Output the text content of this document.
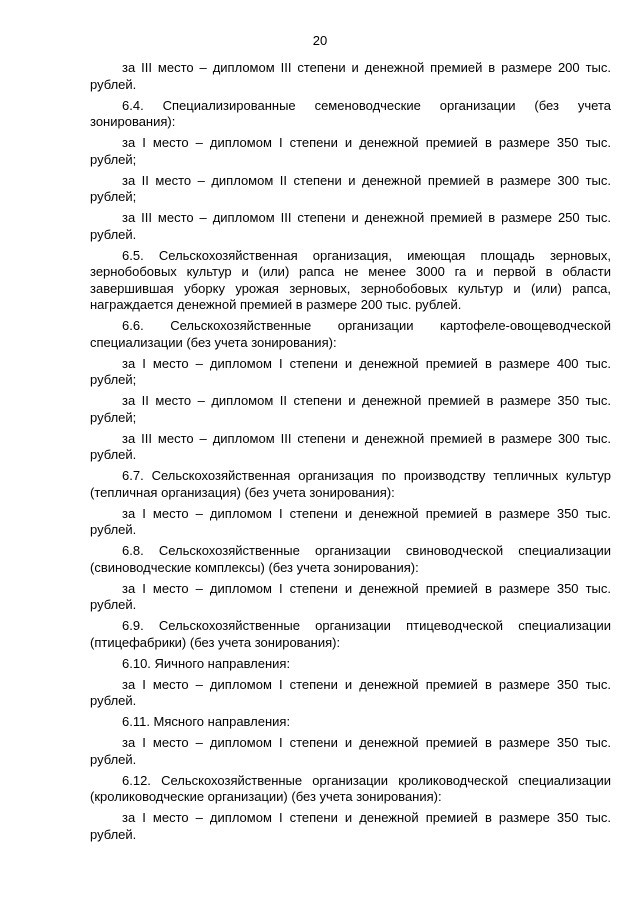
20

за III место – дипломом III степени и денежной премией в размере 200 тыс. рублей.

6.4. Специализированные семеноводческие организации (без учета зонирования):

за I место – дипломом I степени и денежной премией в размере 350 тыс. рублей;

за II место – дипломом II степени и денежной премией в размере 300 тыс. рублей;

за III место – дипломом III степени и денежной премией в размере 250 тыс. рублей.

6.5. Сельскохозяйственная организация, имеющая площадь зерновых, зернобобовых культур и (или) рапса не менее 3000 га и первой в области завершившая уборку урожая зерновых, зернобобовых культур и (или) рапса, награждается денежной премией в размере 200 тыс. рублей.

6.6. Сельскохозяйственные организации картофеле-овощеводческой специализации (без учета зонирования):

за I место – дипломом I степени и денежной премией в размере 400 тыс. рублей;

за II место – дипломом II степени и денежной премией в размере 350 тыс. рублей;

за III место – дипломом III степени и денежной премией в размере 300 тыс. рублей.

6.7. Сельскохозяйственная организация по производству тепличных культур (тепличная организация) (без учета зонирования):

за I место – дипломом I степени и денежной премией в размере 350 тыс. рублей.

6.8. Сельскохозяйственные организации свиноводческой специализации (свиноводческие комплексы) (без учета зонирования):

за I место – дипломом I степени и денежной премией в размере 350 тыс. рублей.

6.9. Сельскохозяйственные организации птицеводческой специализации (птицефабрики) (без учета зонирования):

6.10. Яичного направления:

за I место – дипломом I степени и денежной премией в размере 350 тыс. рублей.

6.11. Мясного направления:

за I место – дипломом I степени и денежной премией в размере 350 тыс. рублей.

6.12. Сельскохозяйственные организации кролиководческой специализации (кролиководческие организации) (без учета зонирования):

за I место – дипломом I степени и денежной премией в размере 350 тыс. рублей.
